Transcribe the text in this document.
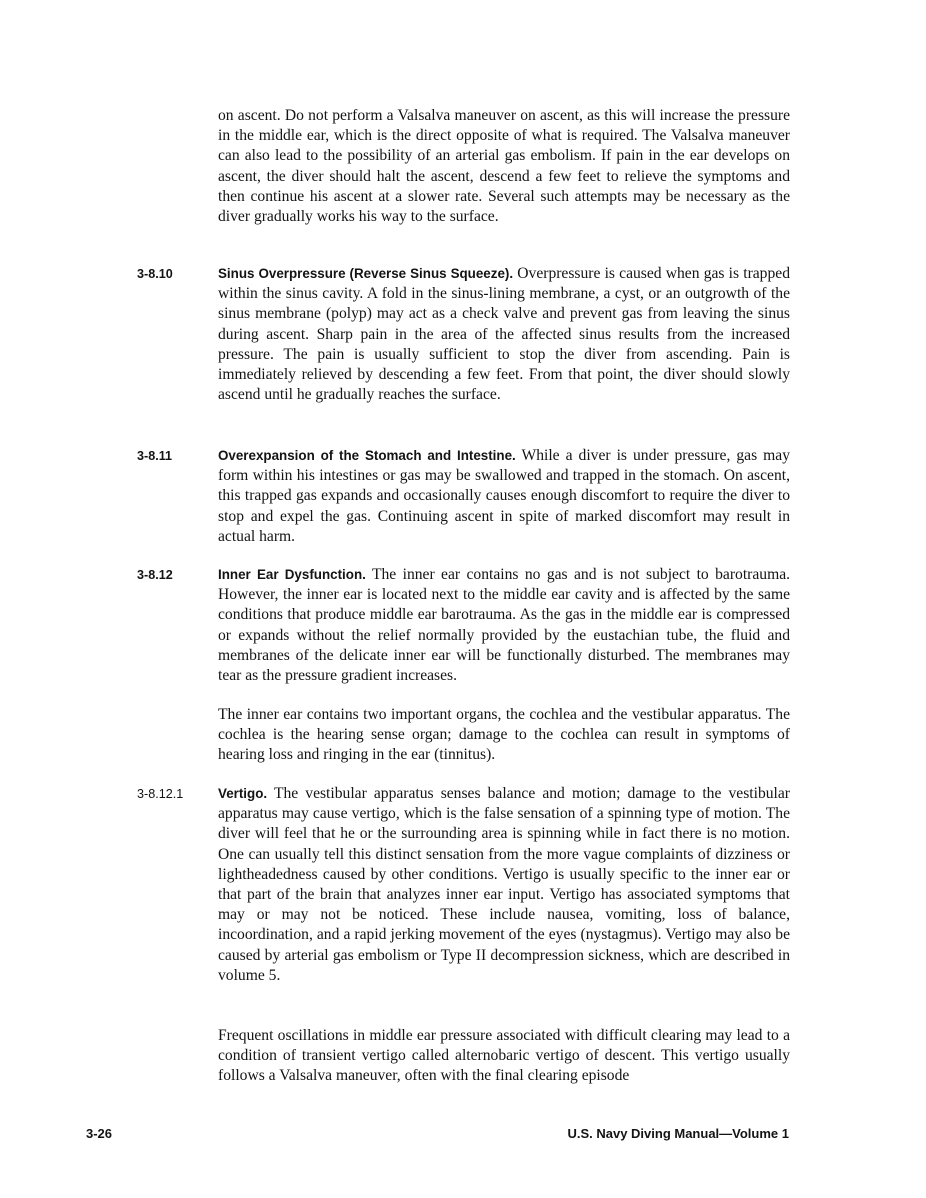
on ascent. Do not perform a Valsalva maneuver on ascent, as this will increase the pressure in the middle ear, which is the direct opposite of what is required. The Valsalva maneuver can also lead to the possibility of an arterial gas embolism. If pain in the ear develops on ascent, the diver should halt the ascent, descend a few feet to relieve the symptoms and then continue his ascent at a slower rate. Several such attempts may be necessary as the diver gradually works his way to the surface.

3-8.10	Sinus Overpressure (Reverse Sinus Squeeze). Overpressure is caused when gas is trapped within the sinus cavity. A fold in the sinus-lining membrane, a cyst, or an outgrowth of the sinus membrane (polyp) may act as a check valve and prevent gas from leaving the sinus during ascent. Sharp pain in the area of the affected sinus results from the increased pressure. The pain is usually sufficient to stop the diver from ascending. Pain is immediately relieved by descending a few feet. From that point, the diver should slowly ascend until he gradually reaches the surface.

3-8.11	Overexpansion of the Stomach and Intestine. While a diver is under pressure, gas may form within his intestines or gas may be swallowed and trapped in the stomach. On ascent, this trapped gas expands and occasionally causes enough discomfort to require the diver to stop and expel the gas. Continuing ascent in spite of marked discomfort may result in actual harm.

3-8.12	Inner Ear Dysfunction. The inner ear contains no gas and is not subject to barotrauma. However, the inner ear is located next to the middle ear cavity and is affected by the same conditions that produce middle ear barotrauma. As the gas in the middle ear is compressed or expands without the relief normally provided by the eustachian tube, the fluid and membranes of the delicate inner ear will be functionally disturbed. The membranes may tear as the pressure gradient increases.

The inner ear contains two important organs, the cochlea and the vestibular apparatus. The cochlea is the hearing sense organ; damage to the cochlea can result in symptoms of hearing loss and ringing in the ear (tinnitus).

3-8.12.1	Vertigo. The vestibular apparatus senses balance and motion; damage to the vestibular apparatus may cause vertigo, which is the false sensation of a spinning type of motion. The diver will feel that he or the surrounding area is spinning while in fact there is no motion. One can usually tell this distinct sensation from the more vague complaints of dizziness or lightheadedness caused by other conditions. Vertigo is usually specific to the inner ear or that part of the brain that analyzes inner ear input. Vertigo has associated symptoms that may or may not be noticed. These include nausea, vomiting, loss of balance, incoordination, and a rapid jerking movement of the eyes (nystagmus). Vertigo may also be caused by arterial gas embolism or Type II decompression sickness, which are described in volume 5.

Frequent oscillations in middle ear pressure associated with difficult clearing may lead to a condition of transient vertigo called alternobaric vertigo of descent. This vertigo usually follows a Valsalva maneuver, often with the final clearing episode

3-26	U.S. Navy Diving Manual—Volume 1
